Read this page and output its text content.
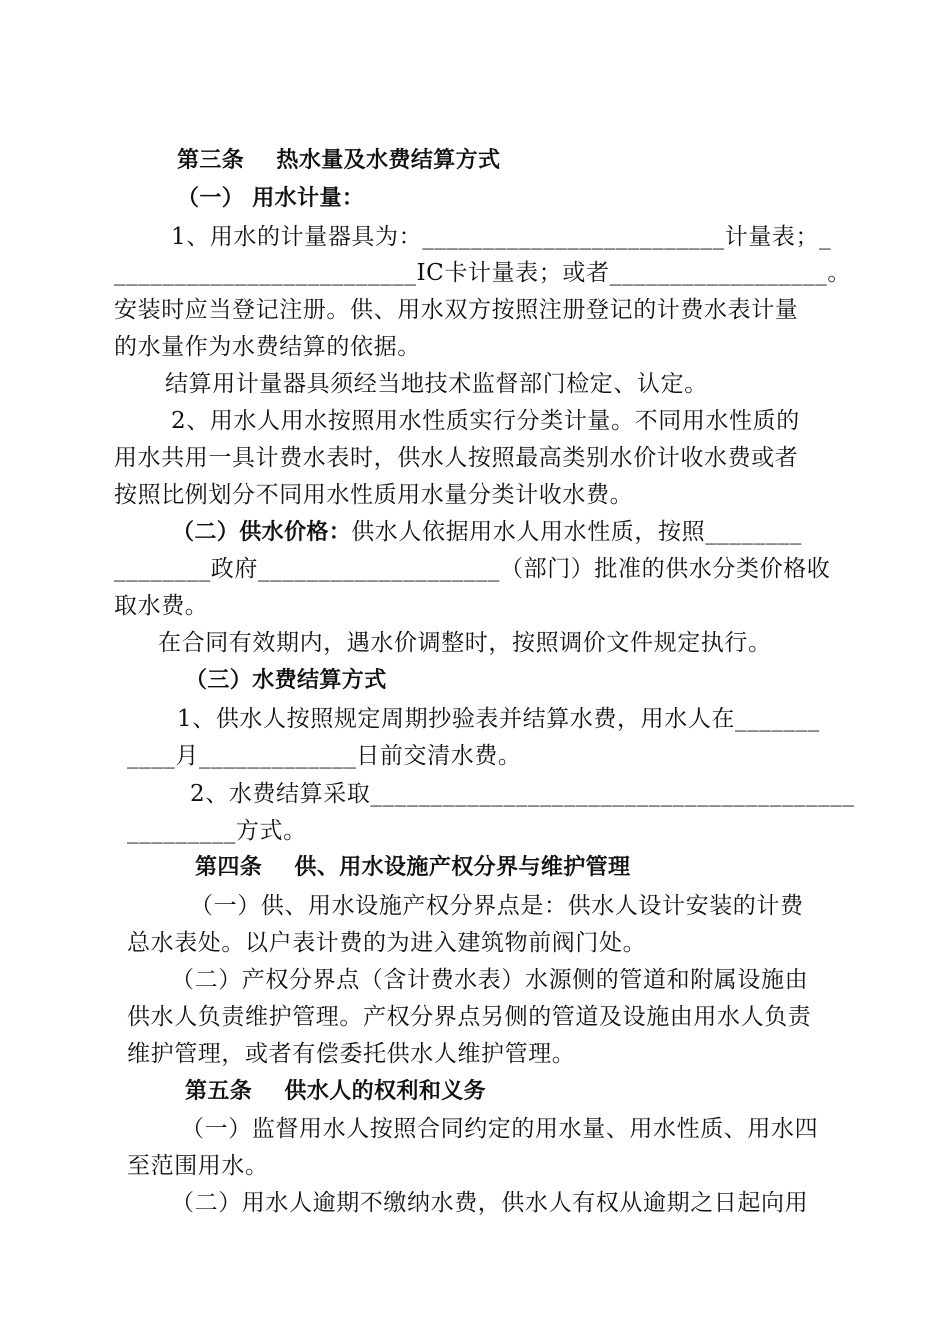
第三条    热水量及水费结算方式
（一） 用水计量：
1、用水的计量器具为：_________________________计量表；_
_________________________IC卡计量表；或者__________________。
安装时应当登记注册。供、用水双方按照注册登记的计费水表计量
的水量作为水费结算的依据。
结算用计量器具须经当地技术监督部门检定、认定。
2、用水人用水按照用水性质实行分类计量。不同用水性质的
用水共用一具计费水表时，供水人按照最高类别水价计收水费或者
按照比例划分不同用水性质用水量分类计收水费。
（二）供水价格：供水人依据用水人用水性质，按照________
________政府____________________（部门）批准的供水分类价格收
取水费。
在合同有效期内，遇水价调整时，按照调价文件规定执行。
（三）水费结算方式
1、供水人按照规定周期抄验表并结算水费，用水人在_______
____月_____________日前交清水费。
2、水费结算采取________________________________________
_________方式。
第四条    供、用水设施产权分界与维护管理
（一）供、用水设施产权分界点是：供水人设计安装的计费
总水表处。以户表计费的为进入建筑物前阀门处。
（二）产权分界点（含计费水表）水源侧的管道和附属设施由
供水人负责维护管理。产权分界点另侧的管道及设施由用水人负责
维护管理，或者有偿委托供水人维护管理。
第五条    供水人的权利和义务
（一）监督用水人按照合同约定的用水量、用水性质、用水四
至范围用水。
（二）用水人逾期不缴纳水费，供水人有权从逾期之日起向用
